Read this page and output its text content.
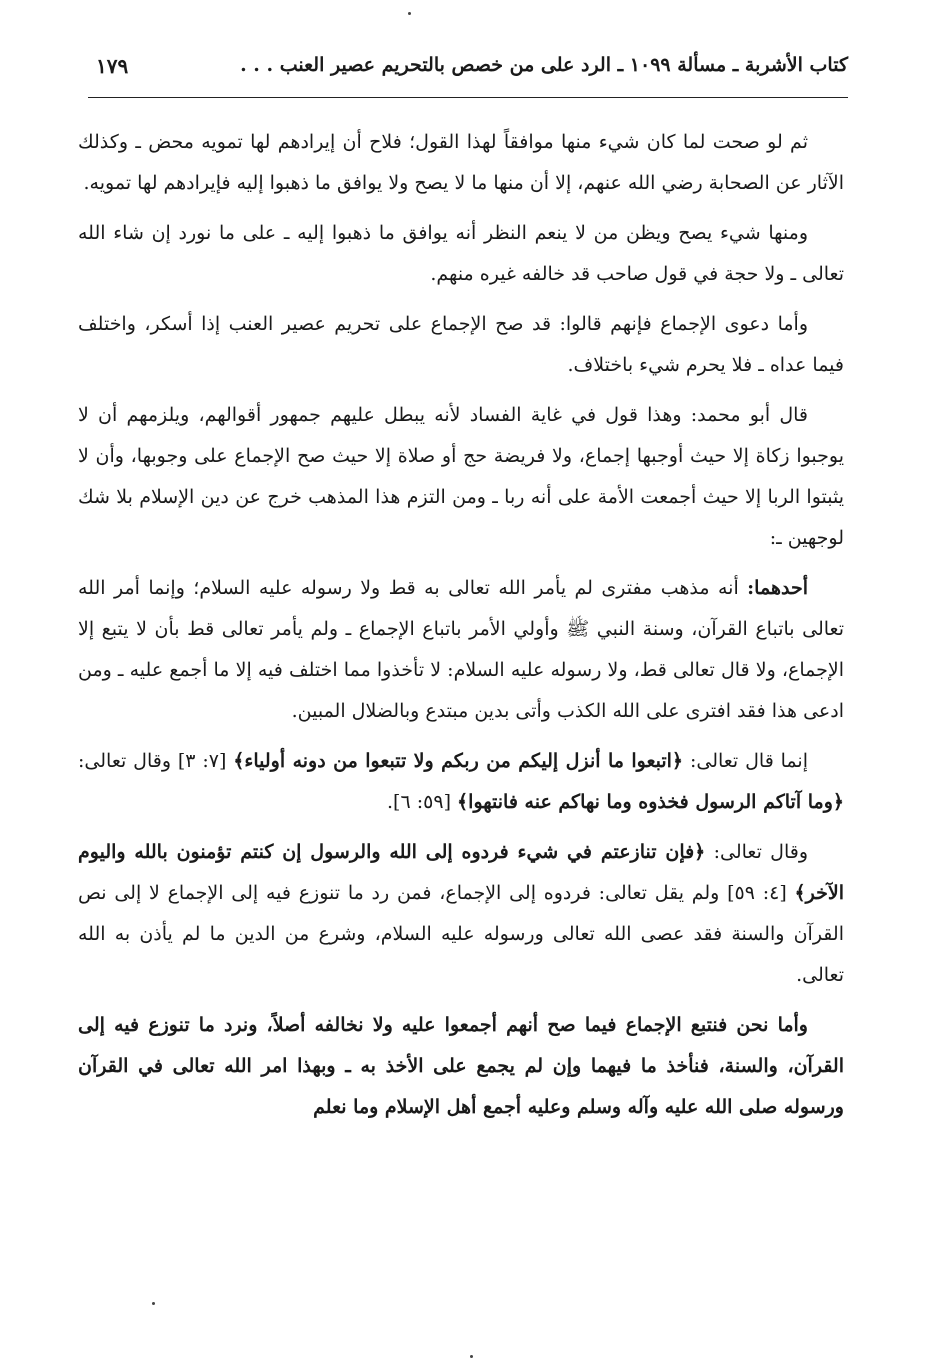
كتاب الأشربة ـ مسألة ١٠٩٩ ـ الرد على من خصص بالتحريم عصير العنب . . .
١٧٩

ثم لو صحت لما كان شيء منها موافقاً لهذا القول؛ فلاح أن إيرادهم لها تمويه محض ـ وكذلك الآثار عن الصحابة رضي الله عنهم، إلا أن منها ما لا يصح ولا يوافق ما ذهبوا إليه فإيرادهم لها تمويه.

ومنها شيء يصح ويظن من لا ينعم النظر أنه يوافق ما ذهبوا إليه ـ على ما نورد إن شاء الله تعالى ـ ولا حجة في قول صاحب قد خالفه غيره منهم.

وأما دعوى الإجماع فإنهم قالوا: قد صح الإجماع على تحريم عصير العنب إذا أسكر، واختلف فيما عداه ـ فلا يحرم شيء باختلاف.

قال أبو محمد: وهذا قول في غاية الفساد لأنه يبطل عليهم جمهور أقوالهم، ويلزمهم أن لا يوجبوا زكاة إلا حيث أوجبها إجماع، ولا فريضة حج أو صلاة إلا حيث صح الإجماع على وجوبها، وأن لا يثبتوا الربا إلا حيث أجمعت الأمة على أنه ربا ـ ومن التزم هذا المذهب خرج عن دين الإسلام بلا شك لوجهين ـ:

أحدهما: أنه مذهب مفترى لم يأمر الله تعالى به قط ولا رسوله عليه السلام؛ وإنما أمر الله تعالى باتباع القرآن، وسنة النبي ﷺ وأولي الأمر باتباع الإجماع ـ ولم يأمر تعالى قط بأن لا يتبع إلا الإجماع، ولا قال تعالى قط، ولا رسوله عليه السلام: لا تأخذوا مما اختلف فيه إلا ما أجمع عليه ـ ومن ادعى هذا فقد افترى على الله الكذب وأتى بدين مبتدع وبالضلال المبين.

إنما قال تعالى: ﴿اتبعوا ما أنزل إليكم من ربكم ولا تتبعوا من دونه أولياء﴾ [٧: ٣] وقال تعالى: ﴿وما آتاكم الرسول فخذوه وما نهاكم عنه فانتهوا﴾ [٥٩: ٦].

وقال تعالى: ﴿فإن تنازعتم في شيء فردوه إلى الله والرسول إن كنتم تؤمنون بالله واليوم الآخر﴾ [٤: ٥٩] ولم يقل تعالى: فردوه إلى الإجماع، فمن رد ما تنوزع فيه إلى الإجماع لا إلى نص القرآن والسنة فقد عصى الله تعالى ورسوله عليه السلام، وشرع من الدين ما لم يأذن به الله تعالى.

وأما نحن فنتبع الإجماع فيما صح أنهم أجمعوا عليه ولا نخالفه أصلاً، ونرد ما تنوزع فيه إلى القرآن، والسنة، فنأخذ ما فيهما وإن لم يجمع على الأخذ به ـ وبهذا امر الله تعالى في القرآن ورسوله صلى الله عليه وآله وسلم وعليه أجمع أهل الإسلام وما نعلم
